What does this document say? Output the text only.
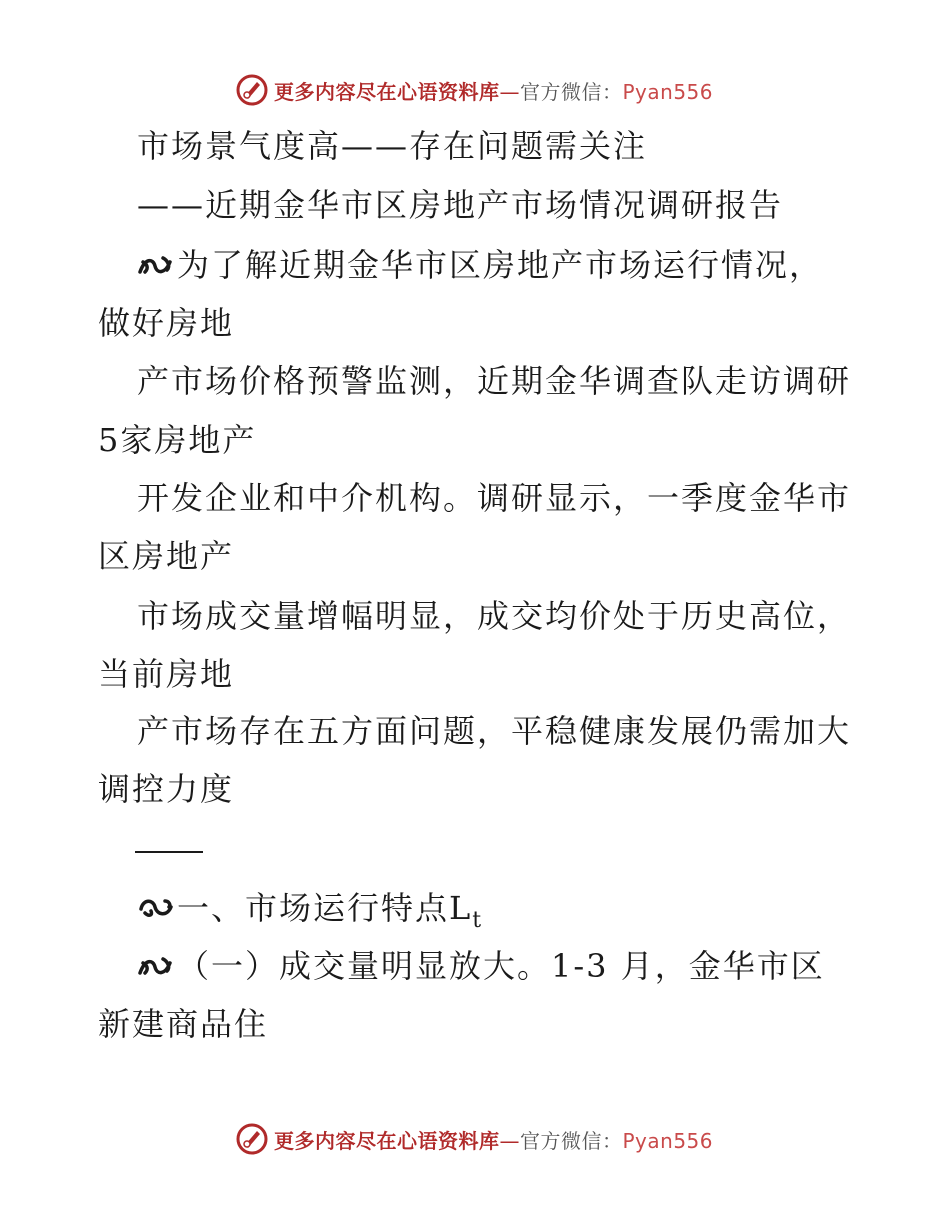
更多内容尽在心语资料库—官方微信：Pyan556
市场景气度高——存在问题需关注
——近期金华市区房地产市场情况调研报告
为了解近期金华市区房地产市场运行情况，
做好房地
产市场价格预警监测，近期金华调查队走访调研
5家房地产
开发企业和中介机构。调研显示，一季度金华市
区房地产
市场成交量增幅明显，成交均价处于历史高位，
当前房地
产市场存在五方面问题，平稳健康发展仍需加大
调控力度
一、市场运行特点$L_t$
（一）成交量明显放大。1-3 月，金华市区
新建商品住
更多内容尽在心语资料库—官方微信：Pyan556
